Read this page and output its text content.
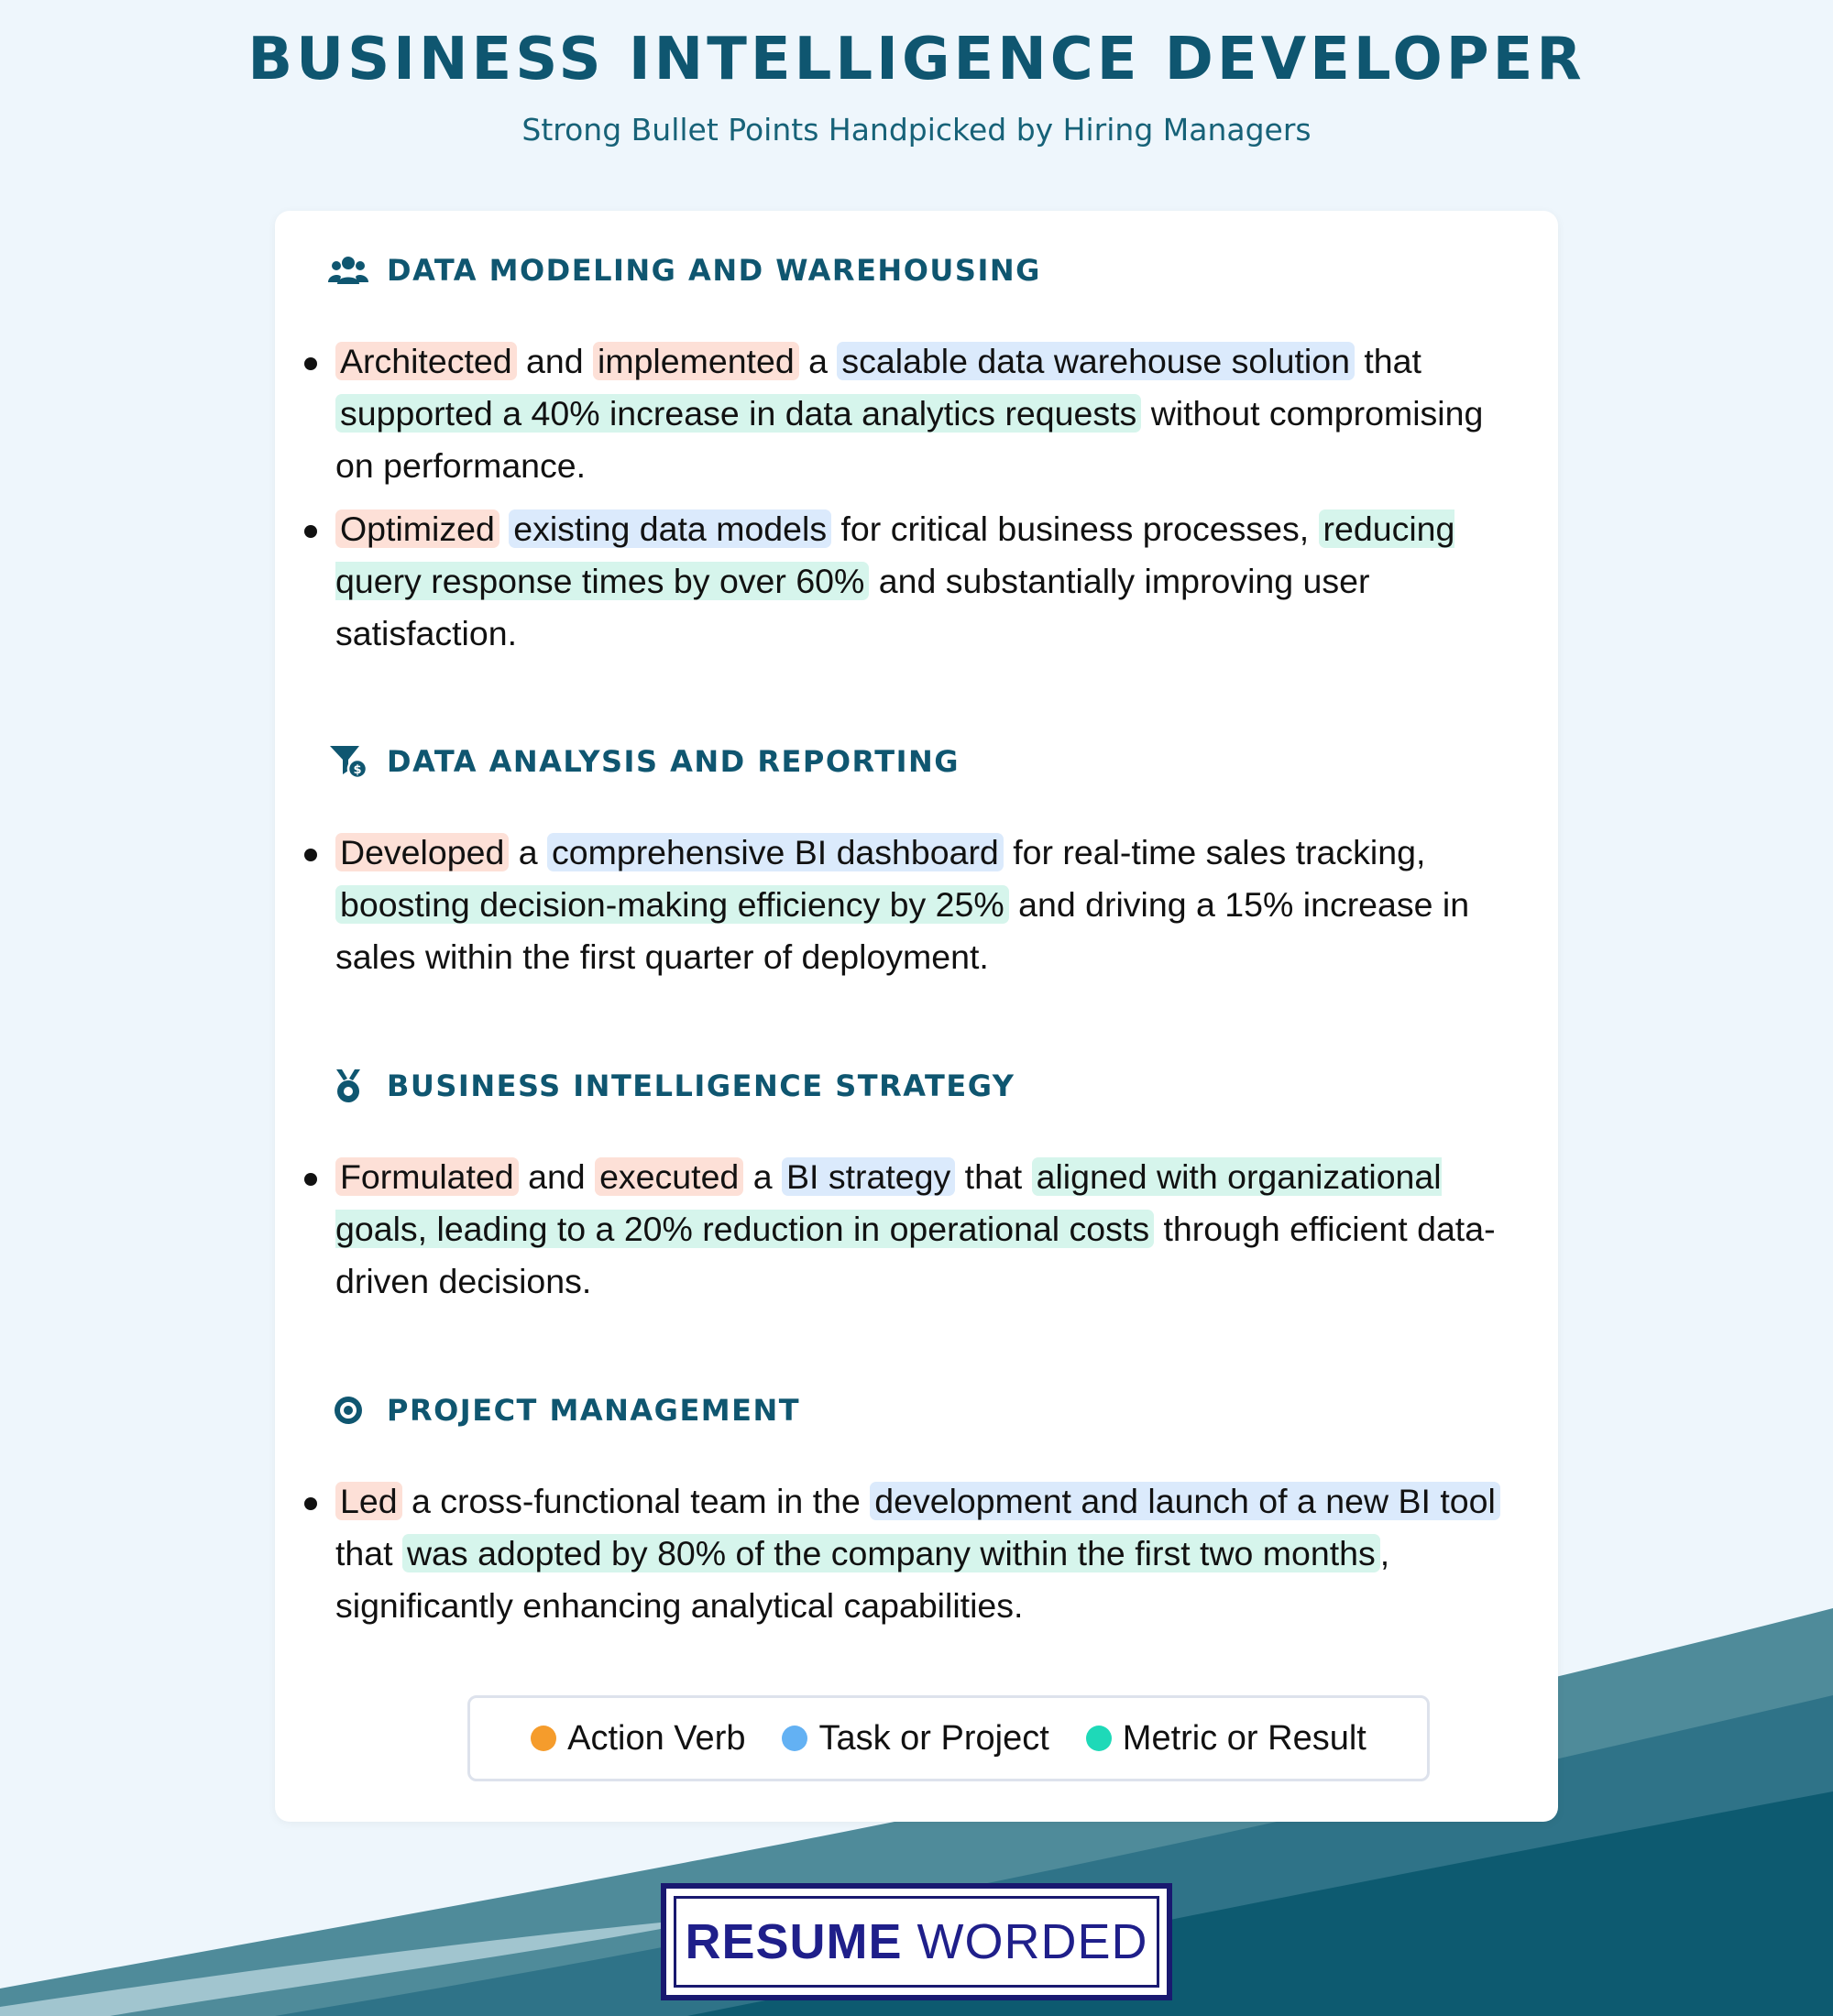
BUSINESS INTELLIGENCE DEVELOPER
Strong Bullet Points Handpicked by Hiring Managers
DATA MODELING AND WAREHOUSING
Architected and implemented a scalable data warehouse solution that supported a 40% increase in data analytics requests without compromising on performance.
Optimized existing data models for critical business processes, reducing query response times by over 60% and substantially improving user satisfaction.
$ DATA ANALYSIS AND REPORTING
Developed a comprehensive BI dashboard for real-time sales tracking, boosting decision-making efficiency by 25% and driving a 15% increase in sales within the first quarter of deployment.
BUSINESS INTELLIGENCE STRATEGY
Formulated and executed a BI strategy that aligned with organizational goals, leading to a 20% reduction in operational costs through efficient data-driven decisions.
PROJECT MANAGEMENT
Led a cross-functional team in the development and launch of a new BI tool that was adopted by 80% of the company within the first two months , significantly enhancing analytical capabilities.
Action Verb Task or Project Metric or Result
RESUME WORDED
